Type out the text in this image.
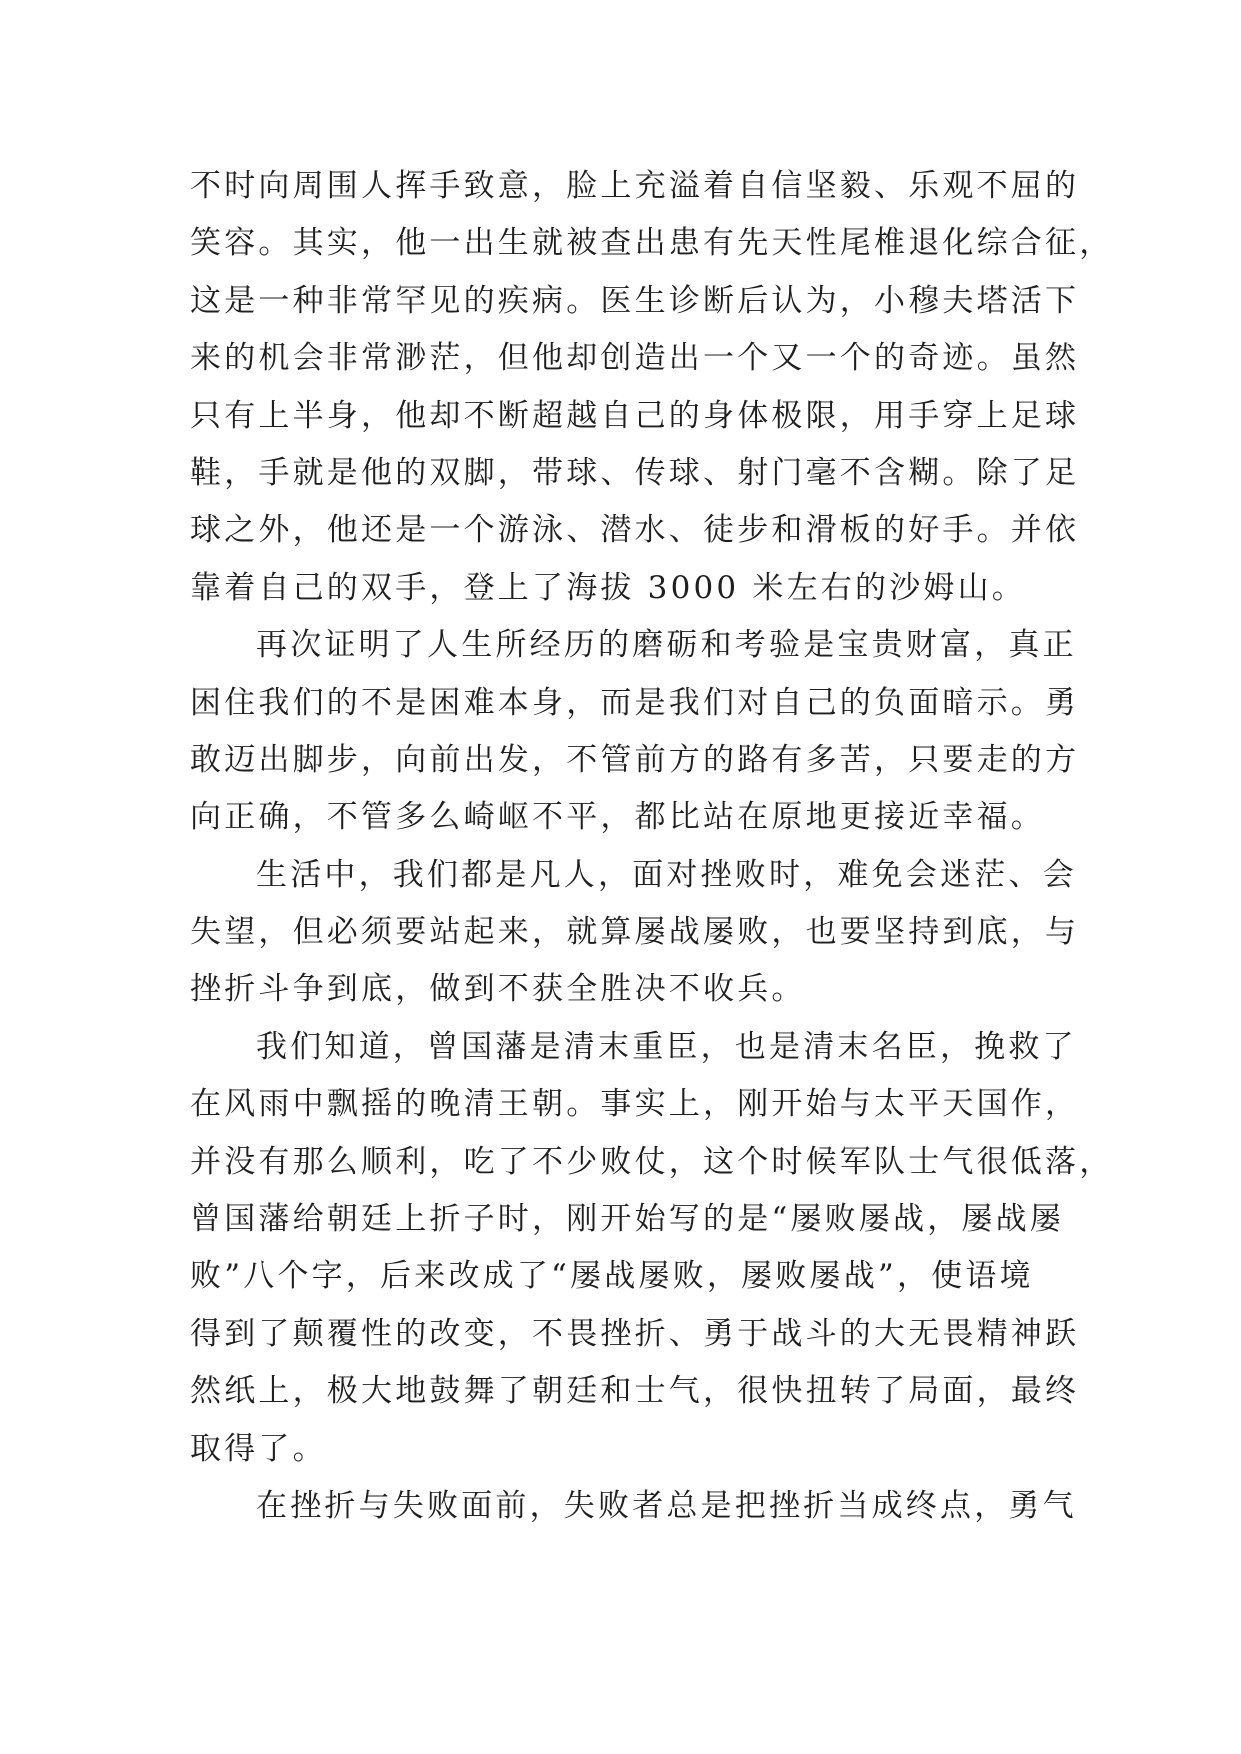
不时向周围人挥手致意，脸上充溢着自信坚毅、乐观不屈的
笑容。其实，他一出生就被查出患有先天性尾椎退化综合征，
这是一种非常罕见的疾病。医生诊断后认为，小穆夫塔活下
来的机会非常渺茫，但他却创造出一个又一个的奇迹。虽然
只有上半身，他却不断超越自己的身体极限，用手穿上足球
鞋，手就是他的双脚，带球、传球、射门毫不含糊。除了足
球之外，他还是一个游泳、潜水、徒步和滑板的好手。并依
靠着自己的双手，登上了海拔 3000 米左右的沙姆山。
再次证明了人生所经历的磨砺和考验是宝贵财富，真正
困住我们的不是困难本身，而是我们对自己的负面暗示。勇
敢迈出脚步，向前出发，不管前方的路有多苦，只要走的方
向正确，不管多么崎岖不平，都比站在原地更接近幸福。
生活中，我们都是凡人，面对挫败时，难免会迷茫、会
失望，但必须要站起来，就算屡战屡败，也要坚持到底，与
挫折斗争到底，做到不获全胜决不收兵。
我们知道，曾国藩是清末重臣，也是清末名臣，挽救了
在风雨中飘摇的晚清王朝。事实上，刚开始与太平天国作，
并没有那么顺利，吃了不少败仗，这个时候军队士气很低落，
曾国藩给朝廷上折子时，刚开始写的是“屡败屡战，屡战屡
败”八个字，后来改成了“屡战屡败，屡败屡战”，使语境
得到了颠覆性的改变，不畏挫折、勇于战斗的大无畏精神跃
然纸上，极大地鼓舞了朝廷和士气，很快扭转了局面，最终
取得了。
在挫折与失败面前，失败者总是把挫折当成终点，勇气
